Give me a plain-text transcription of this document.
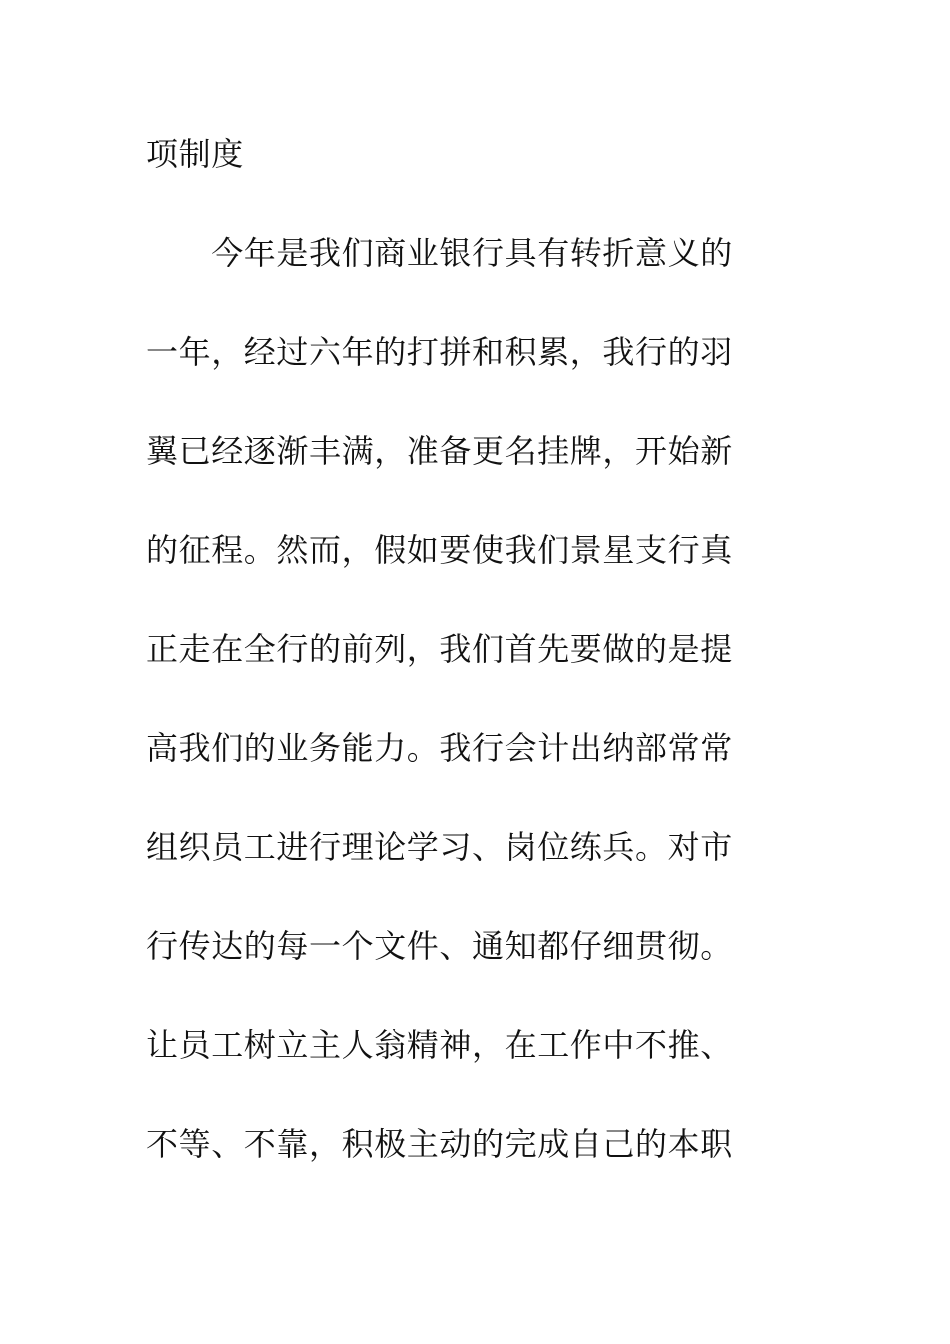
项制度
　　今年是我们商业银行具有转折意义的
一年，经过六年的打拼和积累，我行的羽
翼已经逐渐丰满，准备更名挂牌，开始新
的征程。然而，假如要使我们景星支行真
正走在全行的前列，我们首先要做的是提
高我们的业务能力。我行会计出纳部常常
组织员工进行理论学习、岗位练兵。对市
行传达的每一个文件、通知都仔细贯彻。
让员工树立主人翁精神，在工作中不推、
不等、不靠，积极主动的完成自己的本职
